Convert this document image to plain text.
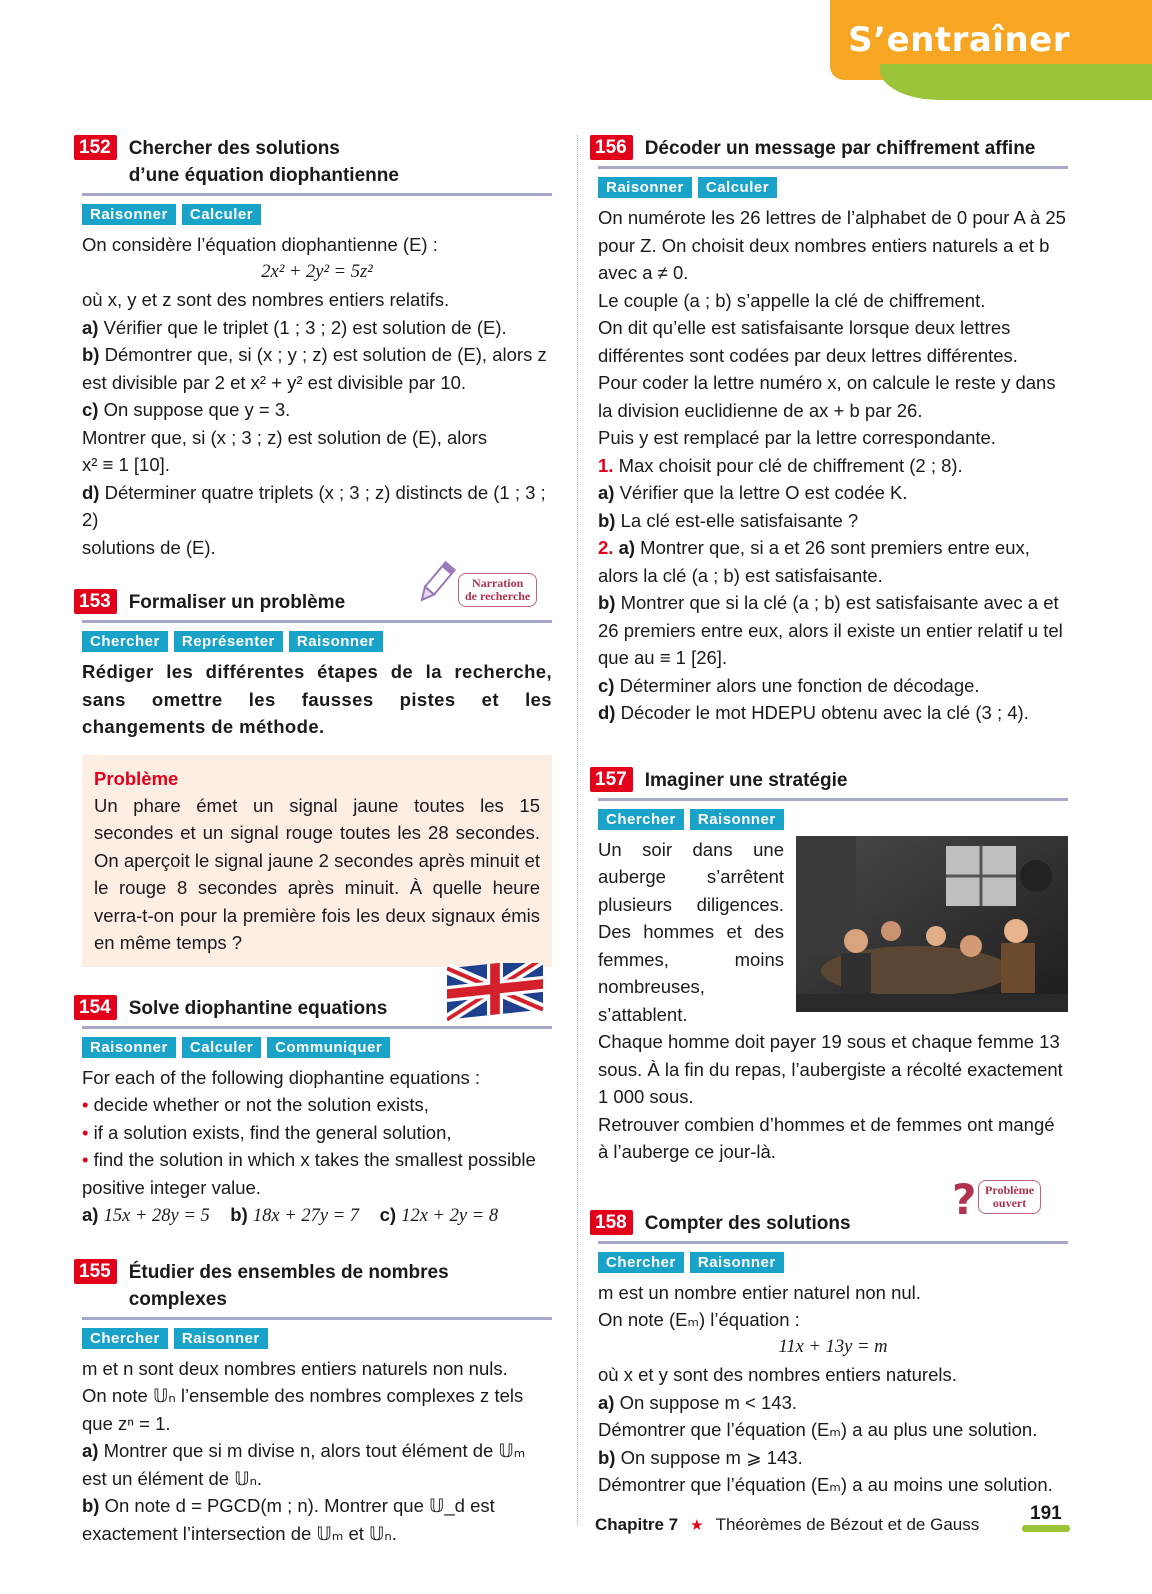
S’entraîner
152 Chercher des solutions
d’une équation diophantienne
Raisonner	Calculer

On considère l’équation diophantienne (E) :

2x² + 2y² = 5z²

où x, y et z sont des nombres entiers relatifs.

a) Vérifier que le triplet (1 ; 3 ; 2) est solution de (E).

b) Démontrer que, si (x ; y ; z) est solution de (E), alors z

est divisible par 2 et x² + y² est divisible par 10.

c) On suppose que y = 3.

Montrer que, si (x ; 3 ; z) est solution de (E), alors

x² ≡ 1 [10].

d) Déterminer quatre triplets (x ; 3 ; z) distincts de (1 ; 3 ; 2)

solutions de (E).

153 Formaliser un problème
Narration
de recherche
Chercher	Représenter	Raisonner

Rédiger les différentes étapes de la recherche, sans omettre les fausses pistes et les changements de méthode.

Problème

Un phare émet un signal jaune toutes les 15 secondes et un signal rouge toutes les 28 secondes. On aperçoit le signal jaune 2 secondes après minuit et le rouge 8 secondes après minuit. À quelle heure verra-t-on pour la première fois les deux signaux émis en même temps ?

154 Solve diophantine equations
Raisonner	Calculer	Communiquer

For each of the following diophantine equations :

• decide whether or not the solution exists,

• if a solution exists, find the general solution,

• find the solution in which x takes the smallest possible positive integer value.

a) 15x + 28y = 5 b) 18x + 27y = 7 c) 12x + 2y = 8

155 Étudier des ensembles de nombres complexes
Chercher	Raisonner

m et n sont deux nombres entiers naturels non nuls.

On note 𝕌ₙ l’ensemble des nombres complexes z tels que zⁿ = 1.

a) Montrer que si m divise n, alors tout élément de 𝕌ₘ est un élément de 𝕌ₙ.

b) On note d = PGCD(m ; n). Montrer que 𝕌_d est exactement l’intersection de 𝕌ₘ et 𝕌ₙ.

156 Décoder un message par chiffrement affine
Raisonner	Calculer

On numérote les 26 lettres de l’alphabet de 0 pour A à 25 pour Z. On choisit deux nombres entiers naturels a et b avec a ≠ 0.

Le couple (a ; b) s’appelle la clé de chiffrement.

On dit qu’elle est satisfaisante lorsque deux lettres différentes sont codées par deux lettres différentes.

Pour coder la lettre numéro x, on calcule le reste y dans la division euclidienne de ax + b par 26.

Puis y est remplacé par la lettre correspondante.

1. Max choisit pour clé de chiffrement (2 ; 8).

a) Vérifier que la lettre O est codée K.

b) La clé est-elle satisfaisante ?

2. a) Montrer que, si a et 26 sont premiers entre eux, alors la clé (a ; b) est satisfaisante.

b) Montrer que si la clé (a ; b) est satisfaisante avec a et 26 premiers entre eux, alors il existe un entier relatif u tel que au ≡ 1 [26].

c) Déterminer alors une fonction de décodage.

d) Décoder le mot HDEPU obtenu avec la clé (3 ; 4).

157 Imaginer une stratégie
Chercher	Raisonner

Un soir dans une auberge s’arrêtent plusieurs diligences. Des hommes et des femmes, moins nombreuses, s’attablent.

Chaque homme doit payer 19 sous et chaque femme 13 sous. À la fin du repas, l’aubergiste a récolté exactement 1 000 sous.

Retrouver combien d’hommes et de femmes ont mangé à l’auberge ce jour-là.

158 Compter des solutions ? Problème
ouvert
Chercher	Raisonner

m est un nombre entier naturel non nul.

On note (Eₘ) l’équation :

11x + 13y = m

où x et y sont des nombres entiers naturels.

a) On suppose m < 143.

Démontrer que l’équation (Eₘ) a au plus une solution.

b) On suppose m ⩾ 143.

Démontrer que l’équation (Eₘ) a au moins une solution.

Chapitre 7 ★ Théorèmes de Bézout et de Gauss
191
